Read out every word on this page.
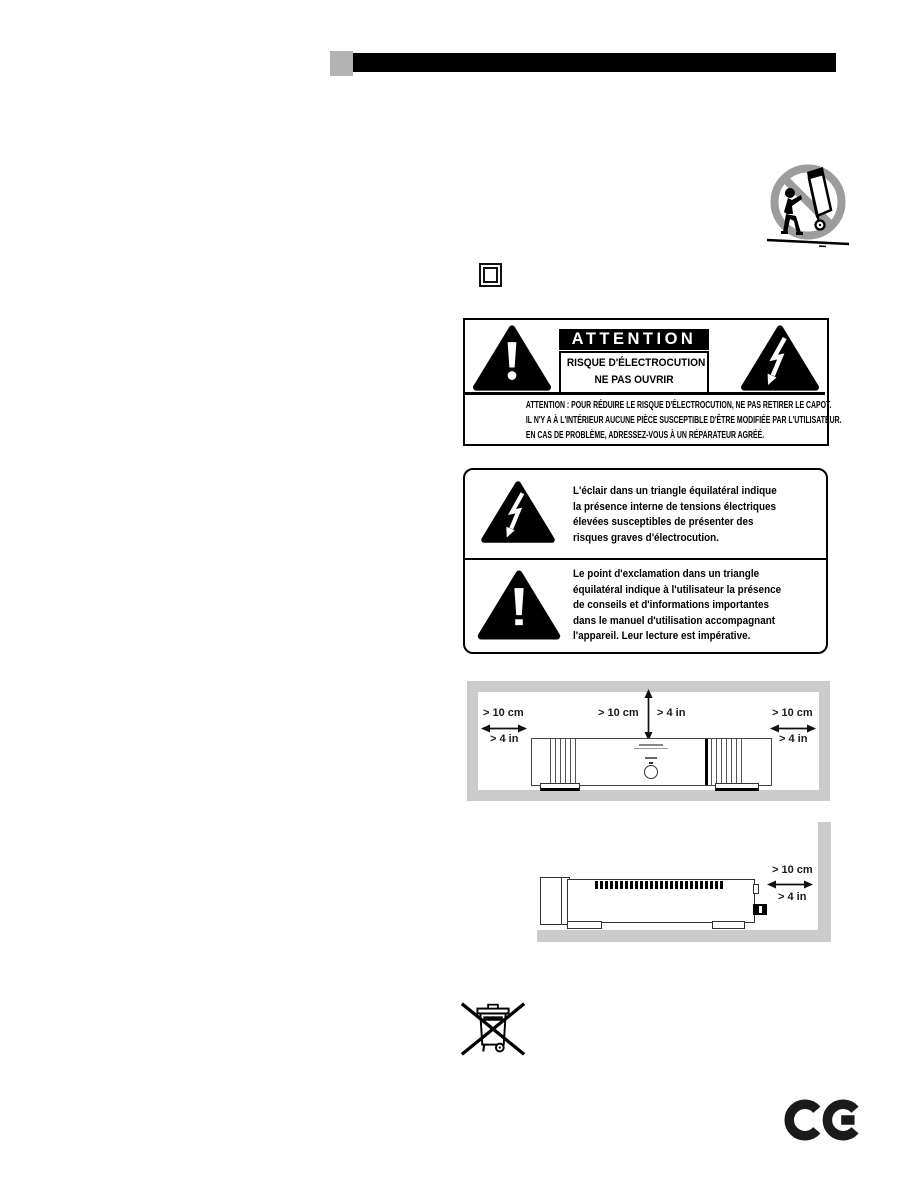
ATTENTION
RISQUE D'ÉLECTROCUTION
NE PAS OUVRIR
ATTENTION : POUR RÉDUIRE LE RISQUE D'ÉLECTROCUTION, NE PAS RETIRER LE CAPOT.
IL N'Y A À L'INTÉRIEUR AUCUNE PIÈCE SUSCEPTIBLE D'ÊTRE MODIFIÉE PAR L'UTILISATEUR.
EN CAS DE PROBLÈME, ADRESSEZ-VOUS À UN RÉPARATEUR AGRÉÉ.
L'éclair dans un triangle équilatéral indique
la présence interne de tensions électriques
élevées susceptibles de présenter des
risques graves d'électrocution.
Le point d'exclamation dans un triangle
équilatéral indique à l'utilisateur la présence
de conseils et d'informations importantes
dans le manuel d'utilisation accompagnant
l'appareil. Leur lecture est impérative.
> 10 cm
> 4 in
> 10 cm > 4 in	> 10 cm
> 4 in
> 10 cm
> 4 in
